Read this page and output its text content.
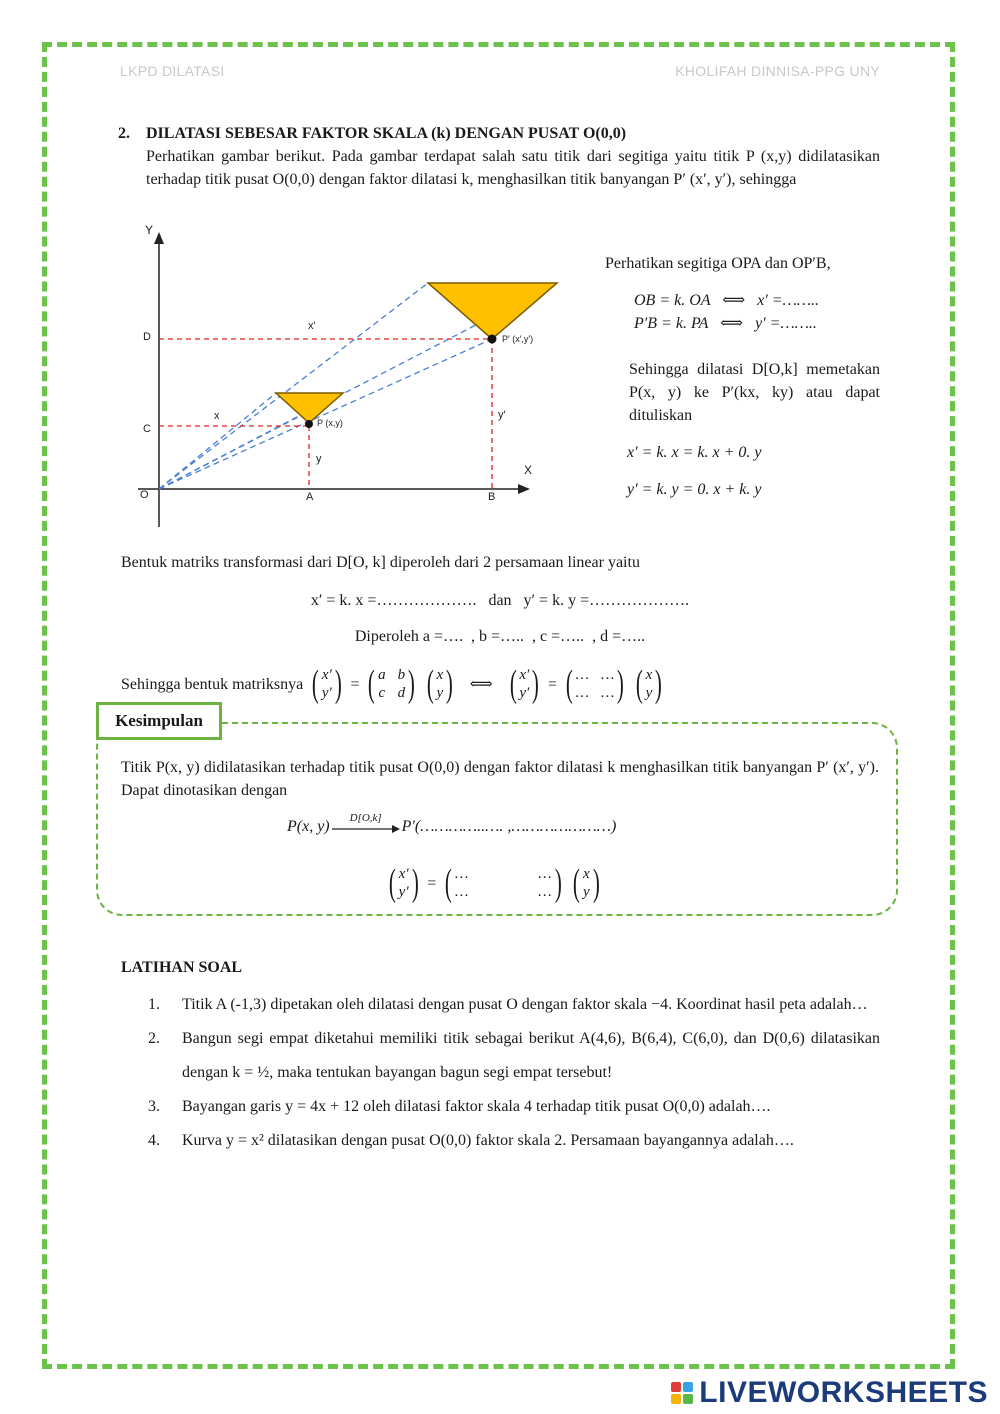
LKPD DILATASI	KHOLIFAH DINNISA-PPG UNY
2. DILATASI SEBESAR FAKTOR SKALA (k) DENGAN PUSAT O(0,0)
Perhatikan gambar berikut. Pada gambar terdapat salah satu titik dari segitiga yaitu titik P (x,y) didilatasikan terhadap titik pusat O(0,0) dengan faktor dilatasi k, menghasilkan titik banyangan P′ (x′, y′), sehingga
Y
X
O	A	B
C
D
x
x′
y
y′
P (x,y)
P′ (x′,y′)
Perhatikan segitiga OPA dan OP′B,
OB = k. OA   ⟺   x′ =……..
P′B = k. PA   ⟺   y′ =……..
Sehingga dilatasi D[O,k] memetakan P(x, y) ke P′(kx, ky) atau dapat dituliskan
x′ = k. x = k. x + 0. y
y′ = k. y = 0. x + k. y
Bentuk matriks transformasi dari D[O, k] diperoleh dari 2 persamaan linear yaitu
x′ = k. x =……………….   dan   y′ = k. y =……………….
Diperoleh a =….  , b =…..  , c =…..  , d =…..
Sehingga bentuk matriksnya ( x′
y′ ) = ( a b
c d ) ( x
y ) ⟺ ( x′
y′ ) = ( … …
… … ) ( x
y )
Kesimpulan
Titik P(x, y) didilatasikan terhadap titik pusat O(0,0) dengan faktor dilatasi k menghasilkan titik banyangan P′ (x′, y′). Dapat dinotasikan dengan
P(x, y) D[O,k] P′(…………..…. ,…………………)
( x′
y′ ) = ( …	…
…	… ) ( x
y )
LATIHAN SOAL
1.	Titik A (-1,3) dipetakan oleh dilatasi dengan pusat O dengan faktor skala −4. Koordinat hasil peta adalah…
2.	Bangun segi empat diketahui memiliki titik sebagai berikut A(4,6), B(6,4), C(6,0), dan D(0,6) dilatasikan dengan k = ½, maka tentukan bayangan bagun segi empat tersebut!
3.	Bayangan garis y = 4x + 12 oleh dilatasi faktor skala 4 terhadap titik pusat O(0,0) adalah….
4.	Kurva y = x² dilatasikan dengan pusat O(0,0) faktor skala 2. Persamaan bayangannya adalah….
LIVEWORKSHEETS
